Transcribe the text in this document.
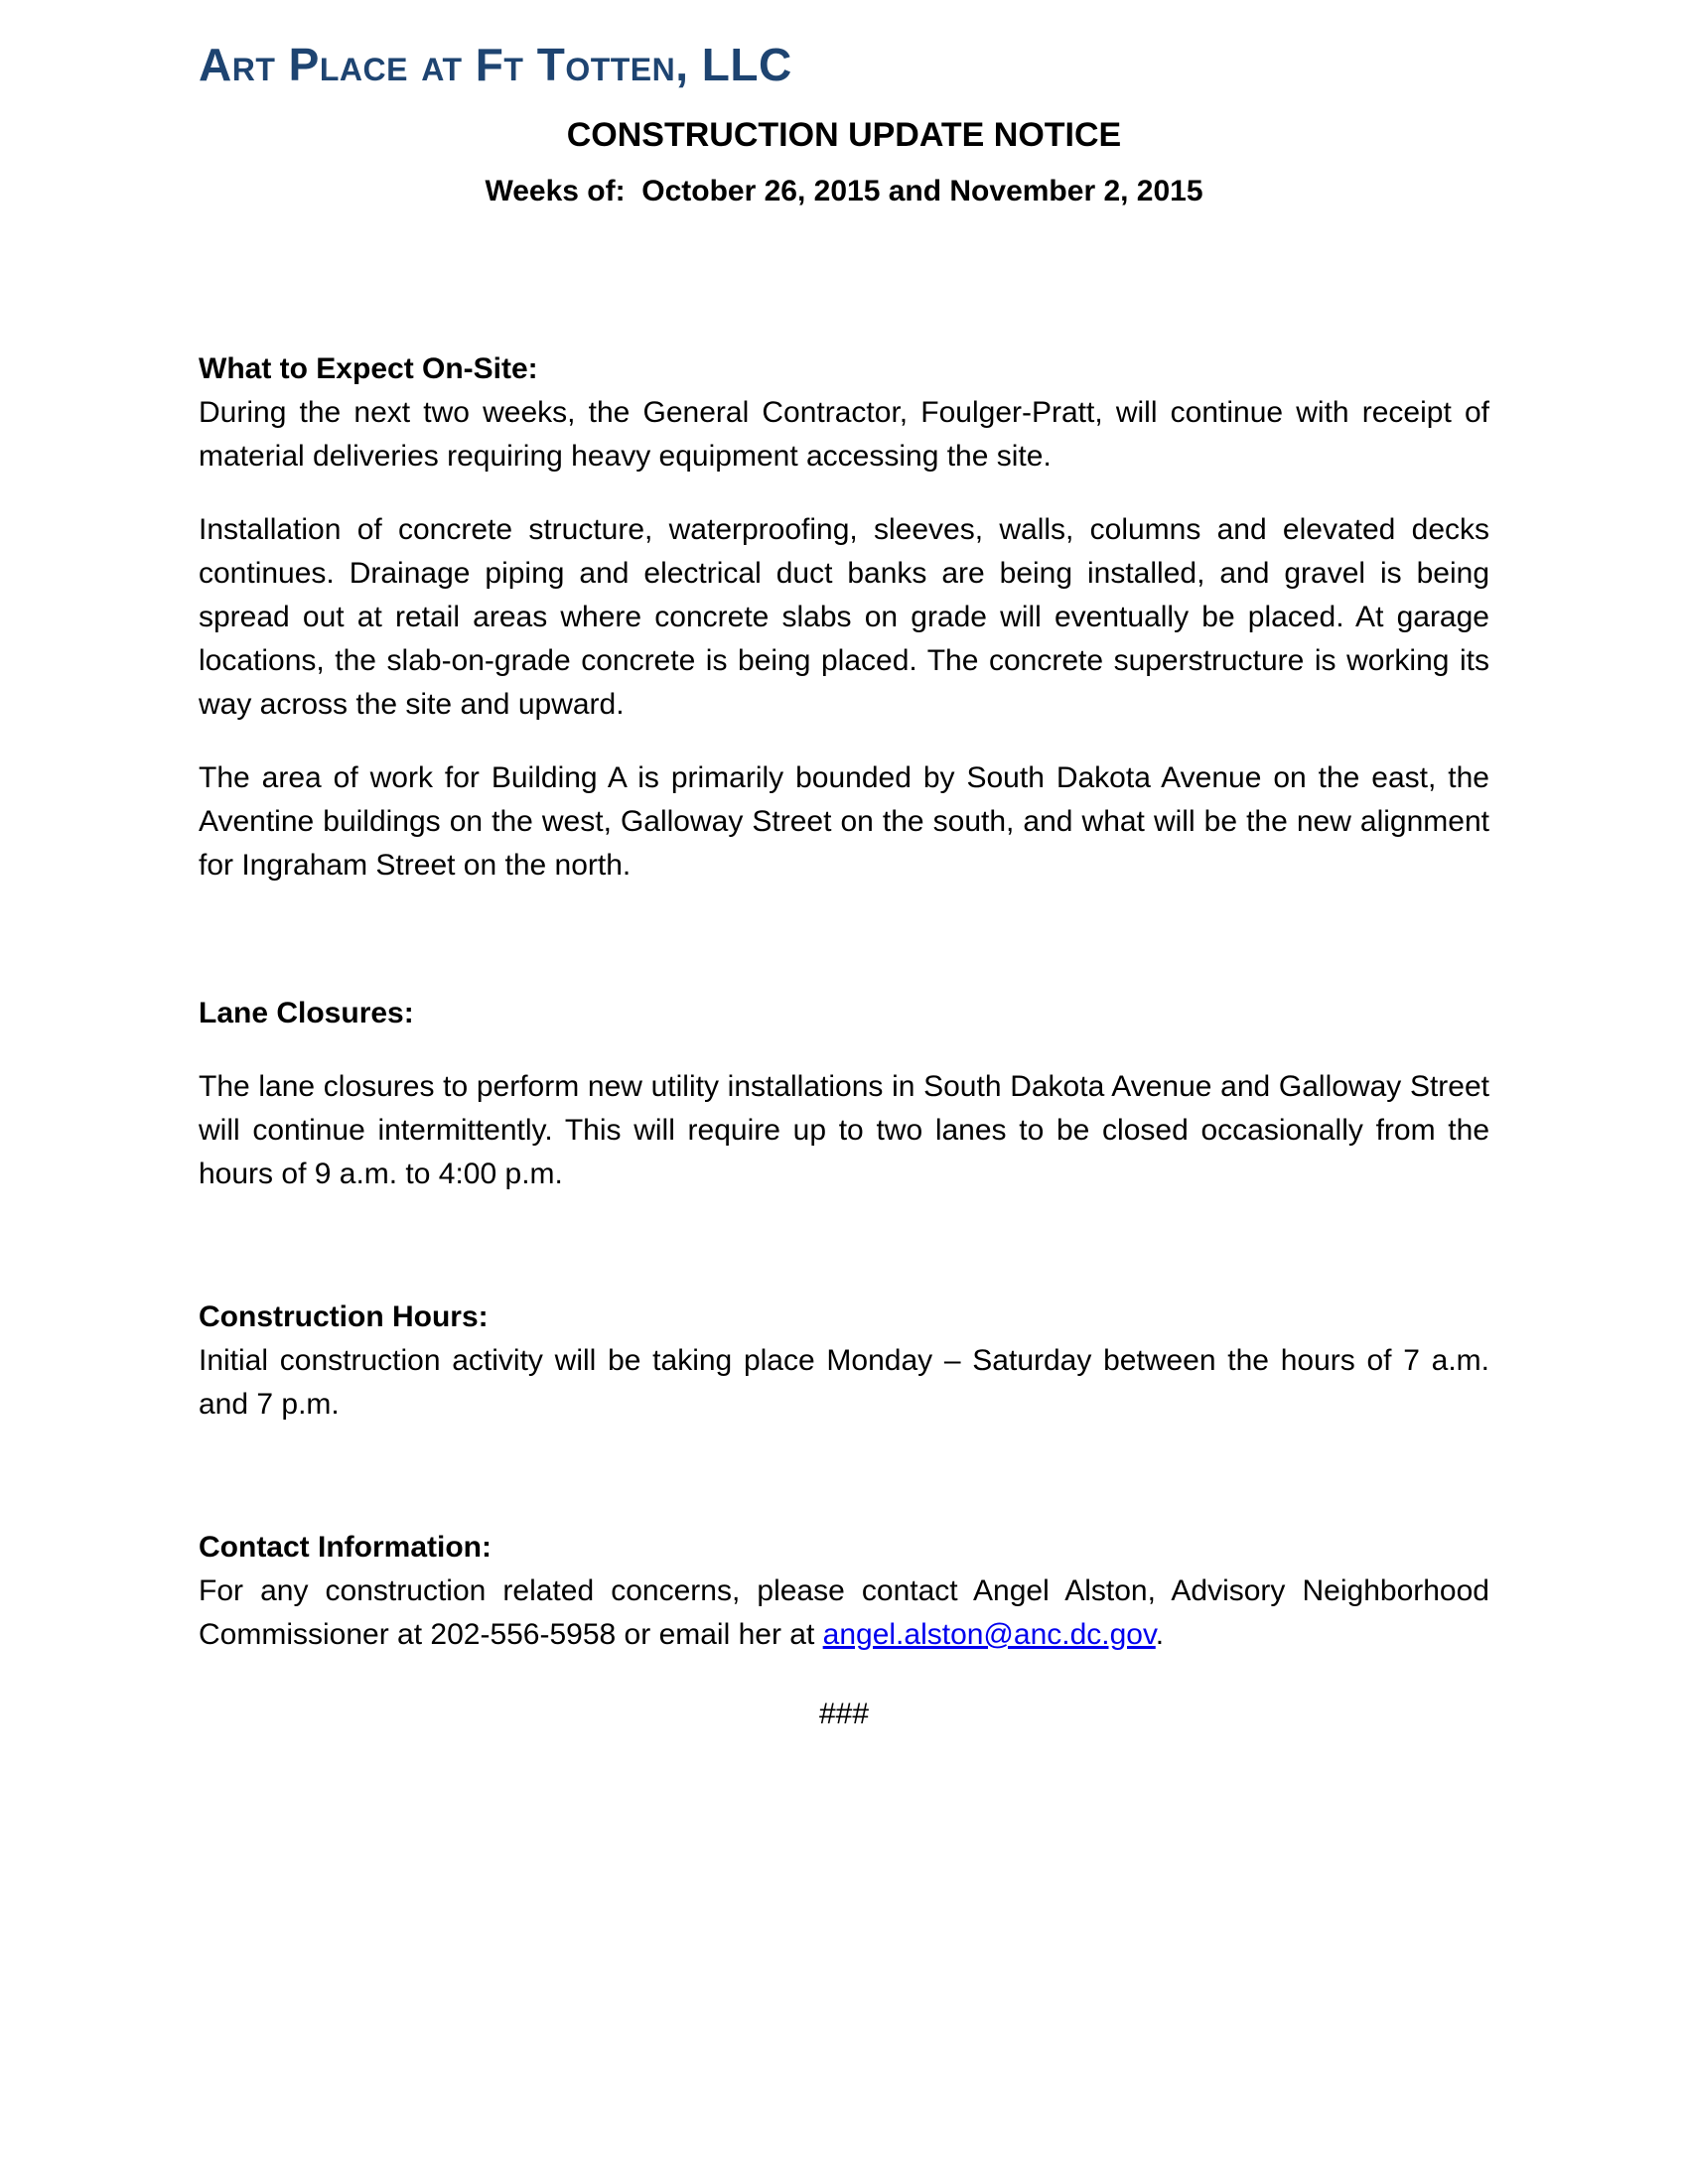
Art Place at Ft Totten, LLC
CONSTRUCTION UPDATE NOTICE
Weeks of:  October 26, 2015 and November 2, 2015
What to Expect On-Site:

During the next two weeks, the General Contractor, Foulger-Pratt, will continue with receipt of material deliveries requiring heavy equipment accessing the site.

Installation of concrete structure, waterproofing, sleeves, walls, columns and elevated decks continues. Drainage piping and electrical duct banks are being installed, and gravel is being spread out at retail areas where concrete slabs on grade will eventually be placed. At garage locations, the slab-on-grade concrete is being placed. The concrete superstructure is working its way across the site and upward.

The area of work for Building A is primarily bounded by South Dakota Avenue on the east, the Aventine buildings on the west, Galloway Street on the south, and what will be the new alignment for Ingraham Street on the north.

Lane Closures:

The lane closures to perform new utility installations in South Dakota Avenue and Galloway Street will continue intermittently. This will require up to two lanes to be closed occasionally from the hours of 9 a.m. to 4:00 p.m.

Construction Hours:

Initial construction activity will be taking place Monday – Saturday between the hours of 7 a.m. and 7 p.m.

Contact Information:

For any construction related concerns, please contact Angel Alston, Advisory Neighborhood Commissioner at 202-556-5958 or email her at angel.alston@anc.dc.gov.

###
